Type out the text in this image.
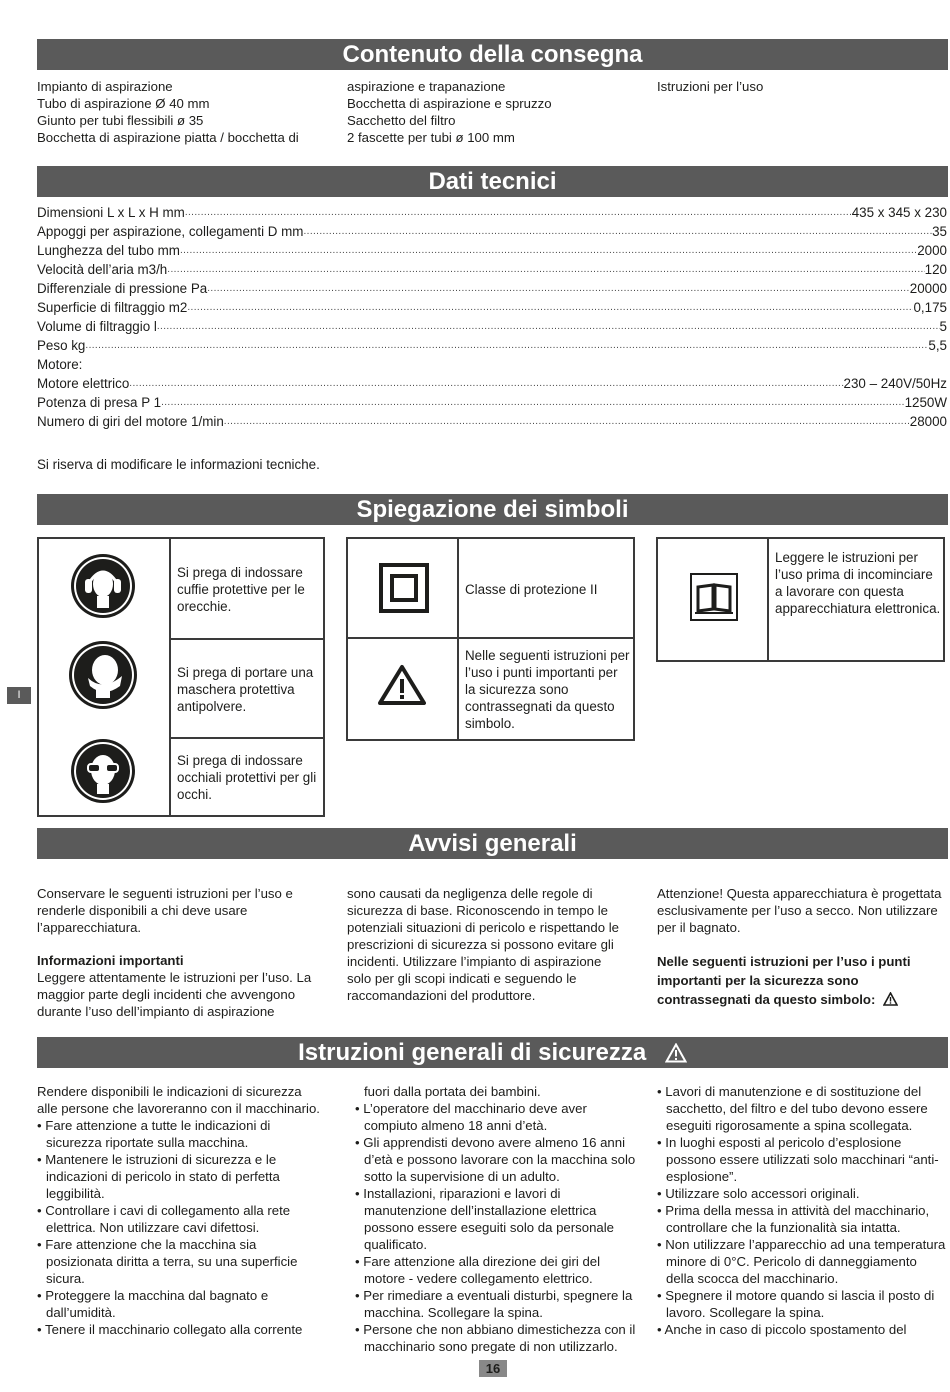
Contenuto della consegna

Impianto di aspirazione

Tubo di aspirazione Ø 40 mm

Giunto per tubi flessibili ø 35

Bocchetta di aspirazione piatta / bocchetta di

aspirazione e trapanazione

Bocchetta di aspirazione e spruzzo

Sacchetto del filtro

2 fascette per tubi ø 100 mm

Istruzioni per l’uso

Dati tecnici
Dimensioni L x L x H mm .....	435 x 345 x 230
Appoggi per aspirazione, collegamenti D mm .....	35
Lunghezza del tubo mm .....	2000
Velocità dell’aria m3/h .....	120
Differenziale di pressione Pa .....	20000
Superficie di filtraggio m2 .....	0,175
Volume di filtraggio l .....	5
Peso kg .....	5,5
Motore:
Motore elettrico .....	230 – 240V/50Hz
Potenza di presa P 1 .....	1250W
Numero di giri del motore 1/min .....	28000
Si riserva di modificare le informazioni tecniche.
Spiegazione dei simboli
Si prega di indossare cuffie protettive per le orecchie.
Si prega di portare una maschera protettiva antipolvere.
Si prega di indossare occhiali protettivi per gli occhi.
Classe di protezione II
Nelle seguenti istruzioni per l’uso i punti importanti per la sicurezza sono contrassegnati da questo simbolo.
Leggere le istruzioni per l’uso prima di incominciare a lavorare con questa apparecchiatura elettronica.
Avvisi generali

Conservare le seguenti istruzioni per l’uso e renderle disponibili a chi deve usare l’apparecchiatura.

Informazioni importanti

Leggere attentamente le istruzioni per l’uso. La maggior parte degli incidenti che avvengono durante l’uso dell’impianto di aspirazione

sono causati da negligenza delle regole di sicurezza di base. Riconoscendo in tempo le potenziali situazioni di pericolo e rispettando le prescrizioni di sicurezza si possono evitare gli incidenti. Utilizzare l’impianto di aspirazione solo per gli scopi indicati e seguendo le raccomandazioni del produttore.

Attenzione! Questa apparecchiatura è progettata esclusivamente per l’uso a secco. Non utilizzare per il bagnato.

Nelle seguenti istruzioni per l’uso i punti importanti per la sicurezza sono contrassegnati da questo simbolo:

Istruzioni generali di sicurezza

Rendere disponibili le indicazioni di sicurezza alle persone che lavoreranno con il macchinario.

• Fare attenzione a tutte le indicazioni di sicurezza riportate sulla macchina.

• Mantenere le istruzioni di sicurezza e le indicazioni di pericolo in stato di perfetta leggibilità.

• Controllare i cavi di collegamento alla rete elettrica. Non utilizzare cavi difettosi.

• Fare attenzione che la macchina sia posizionata diritta a terra, su una superficie sicura.

• Proteggere la macchina dal bagnato e dall’umidità.

• Tenere il macchinario collegato alla corrente

fuori dalla portata dei bambini.

• L’operatore del macchinario deve aver compiuto almeno 18 anni d’età.

• Gli apprendisti devono avere almeno 16 anni d’età e possono lavorare con la macchina solo sotto la supervisione di un adulto.

• Installazioni, riparazioni e lavori di manutenzione dell’installazione elettrica possono essere eseguiti solo da personale qualificato.

• Fare attenzione alla direzione dei giri del motore - vedere collegamento elettrico.

• Per rimediare a eventuali disturbi, spegnere la macchina. Scollegare la spina.

• Persone che non abbiano dimestichezza con il macchinario sono pregate di non utilizzarlo.

• Lavori di manutenzione e di sostituzione del sacchetto, del filtro e del tubo devono essere eseguiti rigorosamente a spina scollegata.

• In luoghi esposti al pericolo d’esplosione possono essere utilizzati solo macchinari “anti-esplosione”.

• Utilizzare solo accessori originali.

• Prima della messa in attività del macchinario, controllare che la funzionalità sia intatta.

• Non utilizzare l’apparecchio ad una temperatura minore di 0°C. Pericolo di danneggiamento della scocca del macchinario.

• Spegnere il motore quando si lascia il posto di lavoro. Scollegare la spina.

• Anche in caso di piccolo spostamento del

I
16
